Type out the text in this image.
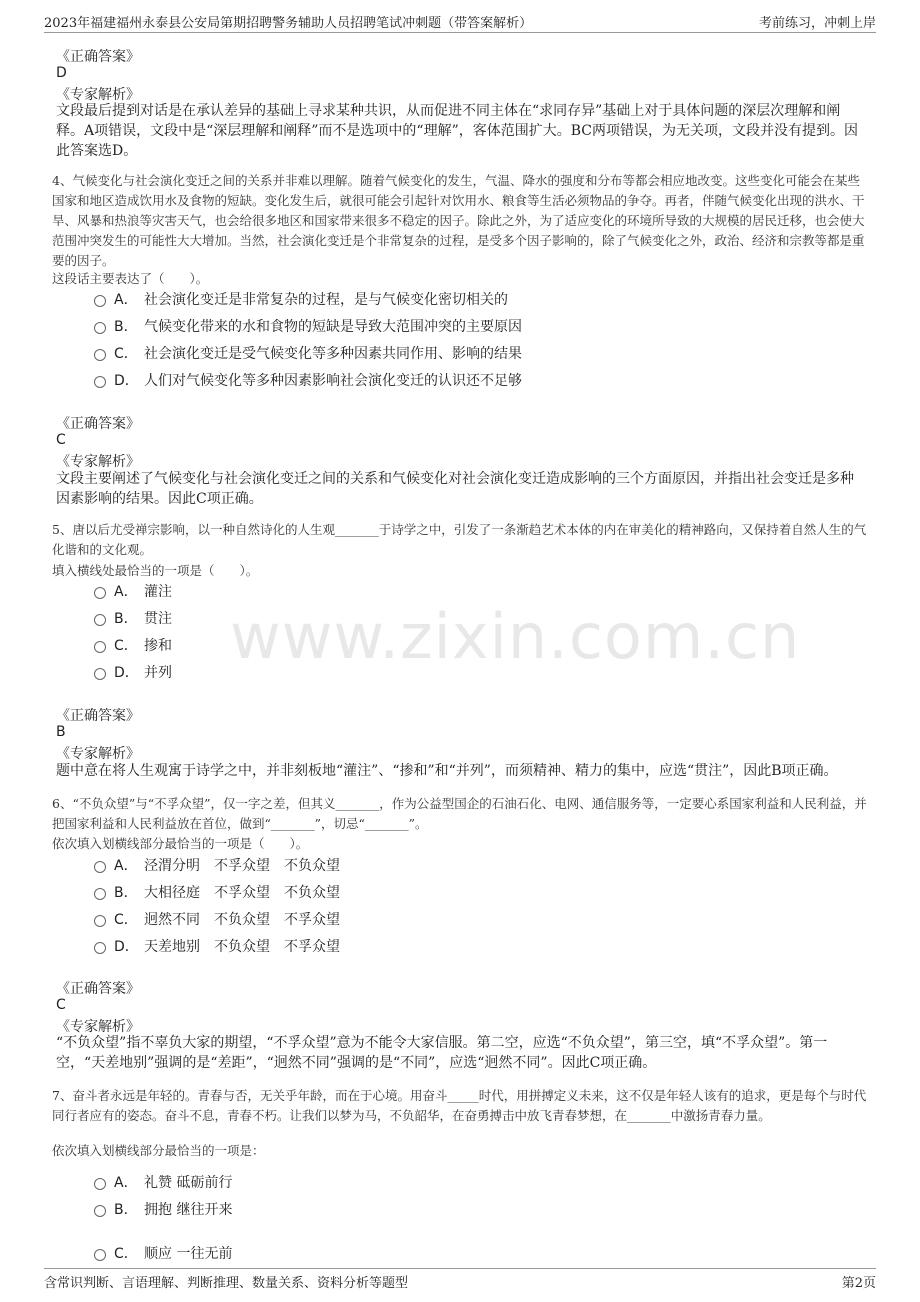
2023年福建福州永泰县公安局第期招聘警务辅助人员招聘笔试冲刺题（带答案解析）	考前练习，冲刺上岸
www.zixin.com.cn
《正确答案》
D
《专家解析》
文段最后提到对话是在承认差异的基础上寻求某种共识，从而促进不同主体在“求同存异”基础上对于具体问题的深层次理解和阐释。A项错误，文段中是“深层理解和阐释”而不是选项中的“理解”，客体范围扩大。BC两项错误，为无关项，文段并没有提到。因此答案选D。
4、气候变化与社会演化变迁之间的关系并非难以理解。随着气候变化的发生，气温、降水的强度和分布等都会相应地改变。这些变化可能会在某些国家和地区造成饮用水及食物的短缺。变化发生后，就很可能会引起针对饮用水、粮食等生活必须物品的争夺。再者，伴随气候变化出现的洪水、干旱、风暴和热浪等灾害天气，也会给很多地区和国家带来很多不稳定的因子。除此之外，为了适应变化的环境所导致的大规模的居民迁移，也会使大范围冲突发生的可能性大大增加。当然，社会演化变迁是个非常复杂的过程，是受多个因子影响的，除了气候变化之外，政治、经济和宗教等都是重要的因子。
这段话主要表达了（　　）。
A． 社会演化变迁是非常复杂的过程，是与气候变化密切相关的
B． 气候变化带来的水和食物的短缺是导致大范围冲突的主要原因
C． 社会演化变迁是受气候变化等多种因素共同作用、影响的结果
D． 人们对气候变化等多种因素影响社会演化变迁的认识还不足够
《正确答案》
C
《专家解析》
文段主要阐述了气候变化与社会演化变迁之间的关系和气候变化对社会演化变迁造成影响的三个方面原因，并指出社会变迁是多种因素影响的结果。因此C项正确。
5、唐以后尤受禅宗影响，以一种自然诗化的人生观_______于诗学之中，引发了一条渐趋艺术本体的内在审美化的精神路向，又保持着自然人生的气化谐和的文化观。
填入横线处最恰当的一项是（　　）。
A． 灌注
B． 贯注
C． 掺和
D． 并列
《正确答案》
B
《专家解析》
题中意在将人生观寓于诗学之中，并非刻板地“灌注”、“掺和”和“并列”，而须精神、精力的集中，应选“贯注”，因此B项正确。
6、“不负众望”与“不孚众望”，仅一字之差，但其义_______，作为公益型国企的石油石化、电网、通信服务等，一定要心系国家利益和人民利益，并把国家利益和人民利益放在首位，做到“_______”，切忌“_______”。
依次填入划横线部分最恰当的一项是（　　）。
A． 泾渭分明　不孚众望　不负众望
B． 大相径庭　不孚众望　不负众望
C． 迥然不同　不负众望　不孚众望
D． 天差地别　不负众望　不孚众望
《正确答案》
C
《专家解析》
“不负众望”指不辜负大家的期望，“不孚众望”意为不能令大家信服。第二空，应选“不负众望”，第三空，填“不孚众望”。第一空，“天差地别”强调的是“差距”，“迥然不同”强调的是“不同”，应选“迥然不同”。因此C项正确。
7、奋斗者永远是年轻的。青春与否，无关乎年龄，而在于心境。用奋斗_____时代，用拼搏定义未来，这不仅是年轻人该有的追求，更是每个与时代同行者应有的姿态。奋斗不息，青春不朽。让我们以梦为马，不负韶华，在奋勇搏击中放飞青春梦想，在_______中激扬青春力量。
依次填入划横线部分最恰当的一项是：
A． 礼赞 砥砺前行
B． 拥抱 继往开来
C． 顺应 一往无前
含常识判断、言语理解、判断推理、数量关系、资料分析等题型	第2页
